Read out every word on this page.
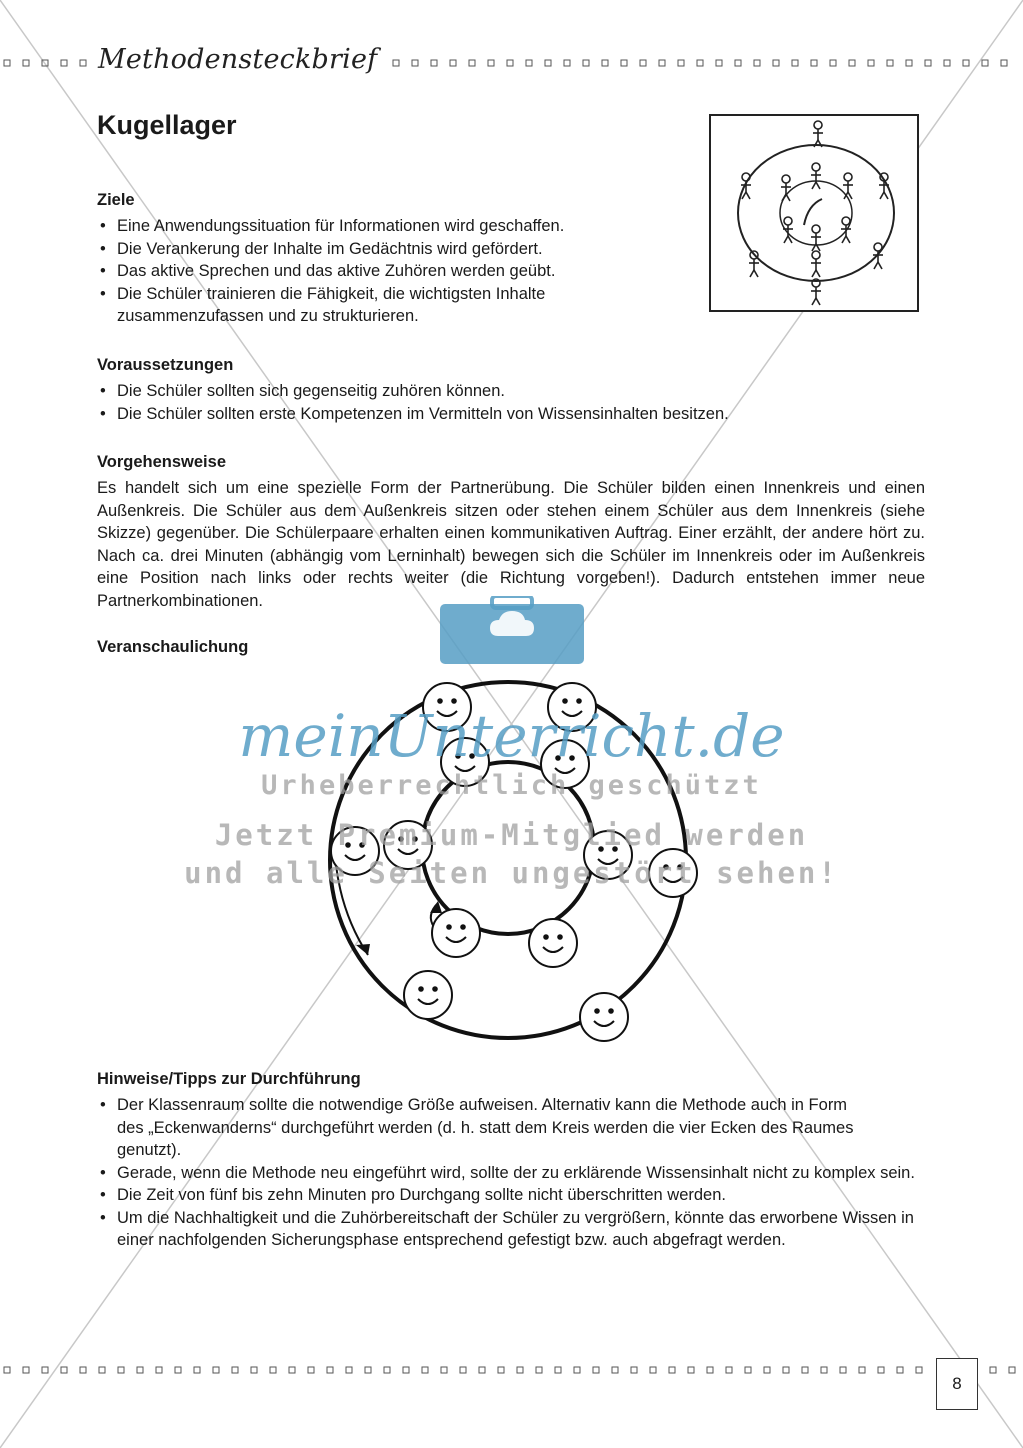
Methodensteckbrief
Kugellager
Ziele
• Eine Anwendungssituation für Informationen wird geschaffen.
• Die Verankerung der Inhalte im Gedächtnis wird gefördert.
• Das aktive Sprechen und das aktive Zuhören werden geübt.
• Die Schüler trainieren die Fähigkeit, die wichtigsten Inhalte zusammenzufassen und zu strukturieren.
Voraussetzungen
• Die Schüler sollten sich gegenseitig zuhören können.
• Die Schüler sollten erste Kompetenzen im Vermitteln von Wissensinhalten besitzen.
Vorgehensweise

Es handelt sich um eine spezielle Form der Partnerübung. Die Schüler bilden einen Innenkreis und einen Außenkreis. Die Schüler aus dem Außenkreis sitzen oder stehen einem Schüler aus dem Innenkreis (siehe Skizze) gegenüber. Die Schülerpaare erhalten einen kommunikativen Auftrag. Einer erzählt, der andere hört zu. Nach ca. drei Minuten (abhängig vom Lerninhalt) bewegen sich die Schüler im Innenkreis oder im Außenkreis eine Position nach links oder rechts weiter (die Richtung vorgeben!). Dadurch entstehen immer neue Partnerkombinationen.

Veranschaulichung
meinUnterricht.de
Urheberrechtlich geschützt
Jetzt Premium-Mitglied werden
und alle Seiten ungestört sehen!
Hinweise/Tipps zur Durchführung
• Der Klassenraum sollte die notwendige Größe aufweisen. Alternativ kann die Methode auch in Form des „Eckenwanderns“ durchgeführt werden (d. h. statt dem Kreis werden die vier Ecken des Raumes genutzt).
• Gerade, wenn die Methode neu eingeführt wird, sollte der zu erklärende Wissensinhalt nicht zu komplex sein.
• Die Zeit von fünf bis zehn Minuten pro Durchgang sollte nicht überschritten werden.
• Um die Nachhaltigkeit und die Zuhörbereitschaft der Schüler zu vergrößern, könnte das erworbene Wissen in einer nachfolgenden Sicherungsphase entsprechend gefestigt bzw. auch abgefragt werden.
8
